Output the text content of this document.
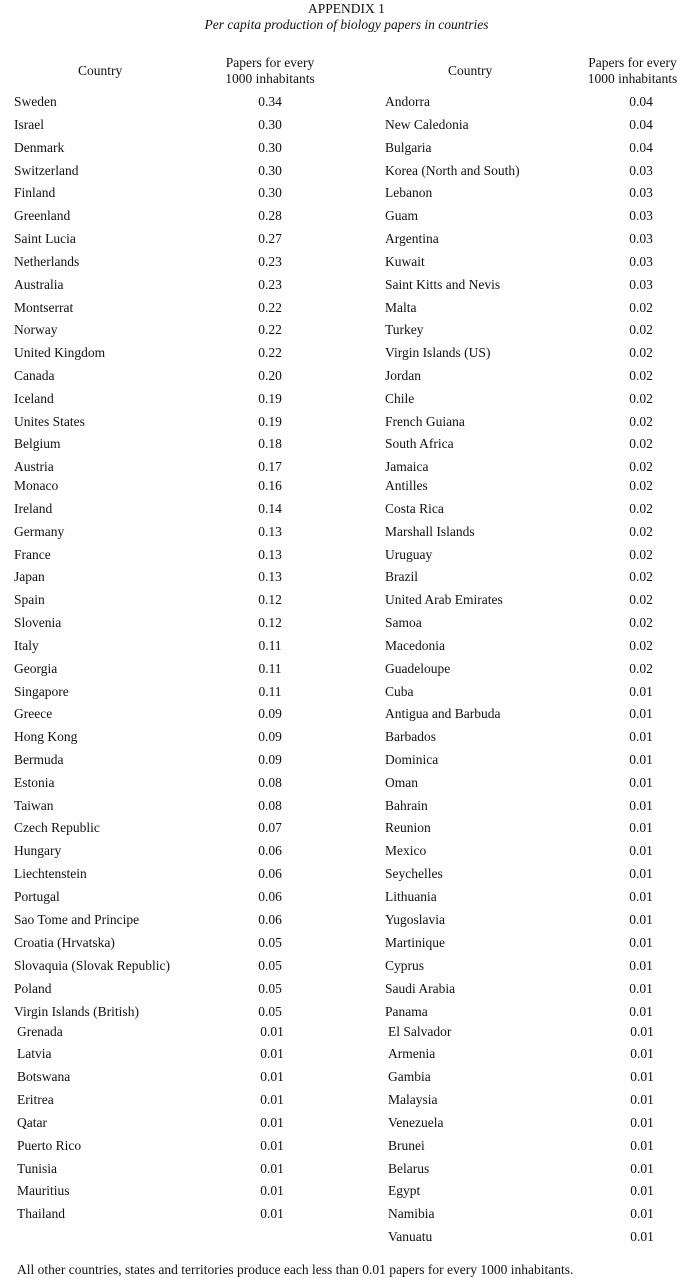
APPENDIX 1
Per capita production of biology papers in countries
Country
Papers for every
1000 inhabitants	Country
Papers for every
1000 inhabitants
Sweden	0.34
Israel	0.30
Denmark	0.30
Switzerland	0.30
Finland	0.30
Greenland	0.28
Saint Lucia	0.27
Netherlands	0.23
Australia	0.23
Montserrat	0.22
Norway	0.22
United Kingdom	0.22
Canada	0.20
Iceland	0.19
Unites States	0.19
Belgium	0.18
Austria	0.17
Monaco	0.16
Ireland	0.14
Germany	0.13
France	0.13
Japan	0.13
Spain	0.12
Slovenia	0.12
Italy	0.11
Georgia	0.11
Singapore	0.11
Greece	0.09
Hong Kong	0.09
Bermuda	0.09
Estonia	0.08
Taiwan	0.08
Czech Republic	0.07
Hungary	0.06
Liechtenstein	0.06
Portugal	0.06
Sao Tome and Principe	0.06
Croatia (Hrvatska)	0.05
Slovaquia (Slovak Republic)	0.05
Poland	0.05
Virgin Islands (British)	0.05
Grenada	0.01
Latvia	0.01
Botswana	0.01
Eritrea	0.01
Qatar	0.01
Puerto Rico	0.01
Tunisia	0.01
Mauritius	0.01
Thailand	0.01
Andorra	0.04
New Caledonia	0.04
Bulgaria	0.04
Korea (North and South)	0.03
Lebanon	0.03
Guam	0.03
Argentina	0.03
Kuwait	0.03
Saint Kitts and Nevis	0.03
Malta	0.02
Turkey	0.02
Virgin Islands (US)	0.02
Jordan	0.02
Chile	0.02
French Guiana	0.02
South Africa	0.02
Jamaica	0.02
Antilles	0.02
Costa Rica	0.02
Marshall Islands	0.02
Uruguay	0.02
Brazil	0.02
United Arab Emirates	0.02
Samoa	0.02
Macedonia	0.02
Guadeloupe	0.02
Cuba	0.01
Antigua and Barbuda	0.01
Barbados	0.01
Dominica	0.01
Oman	0.01
Bahrain	0.01
Reunion	0.01
Mexico	0.01
Seychelles	0.01
Lithuania	0.01
Yugoslavia	0.01
Martinique	0.01
Cyprus	0.01
Saudi Arabia	0.01
Panama	0.01
El Salvador	0.01
Armenia	0.01
Gambia	0.01
Malaysia	0.01
Venezuela	0.01
Brunei	0.01
Belarus	0.01
Egypt	0.01
Namibia	0.01
Vanuatu	0.01
All other countries, states and territories produce each less than 0.01 papers for every 1000 inhabitants.
